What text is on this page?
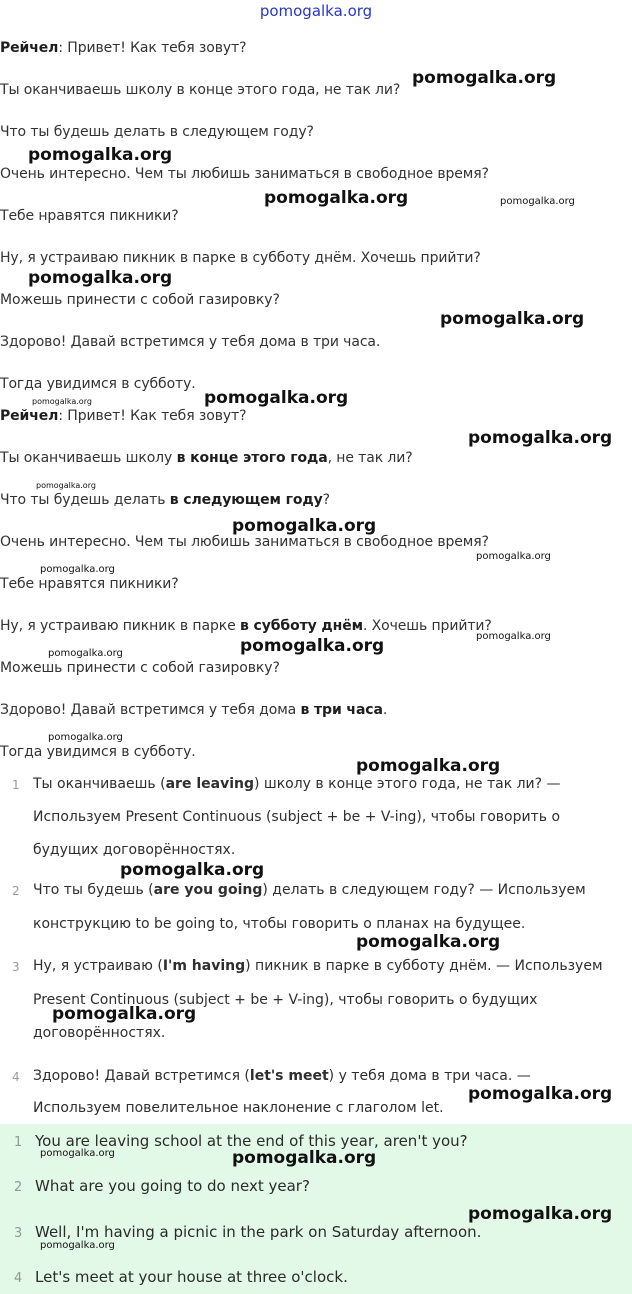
pomogalka.org
Рейчел: Привет! Как тебя зовут?
Ты оканчиваешь школу в конце этого года, не так ли?
Что ты будешь делать в следующем году?
Очень интересно. Чем ты любишь заниматься в свободное время?
Тебе нравятся пикники?
Ну, я устраиваю пикник в парке в субботу днём. Хочешь прийти?
Можешь принести с собой газировку?
Здорово! Давай встретимся у тебя дома в три часа.
Тогда увидимся в субботу.
Рейчел: Привет! Как тебя зовут?
Ты оканчиваешь школу в конце этого года, не так ли?
Что ты будешь делать в следующем году?
Очень интересно. Чем ты любишь заниматься в свободное время?
Тебе нравятся пикники?
Ну, я устраиваю пикник в парке в субботу днём. Хочешь прийти?
Можешь принести с собой газировку?
Здорово! Давай встретимся у тебя дома в три часа.
Тогда увидимся в субботу.
1 Ты оканчиваешь (are leaving) школу в конце этого года, не так ли? —
Используем Present Continuous (subject + be + V-ing), чтобы говорить о
будущих договорённостях.
2 Что ты будешь (are you going) делать в следующем году? — Используем
конструкцию to be going to, чтобы говорить о планах на будущее.
3 Ну, я устраиваю (I'm having) пикник в парке в субботу днём. — Используем
Present Continuous (subject + be + V-ing), чтобы говорить о будущих
договорённостях.
4 Здорово! Давай встретимся (let's meet) у тебя дома в три часа. —
Используем повелительное наклонение с глаголом let.
1 You are leaving school at the end of this year, aren't you?
2 What are you going to do next year?
3 Well, I'm having a picnic in the park on Saturday afternoon.
4 Let's meet at your house at three o'clock.
pomogalka.org
pomogalka.org
pomogalka.org	pomogalka.org
pomogalka.org
pomogalka.org
pomogalka.org
pomogalka.org
pomogalka.org
pomogalka.org
pomogalka.org
pomogalka.org
pomogalka.org
pomogalka.org
pomogalka.org
pomogalka.org
pomogalka.org
pomogalka.org
pomogalka.org
pomogalka.org
pomogalka.org
pomogalka.org
pomogalka.org	pomogalka.org
pomogalka.org
pomogalka.org
